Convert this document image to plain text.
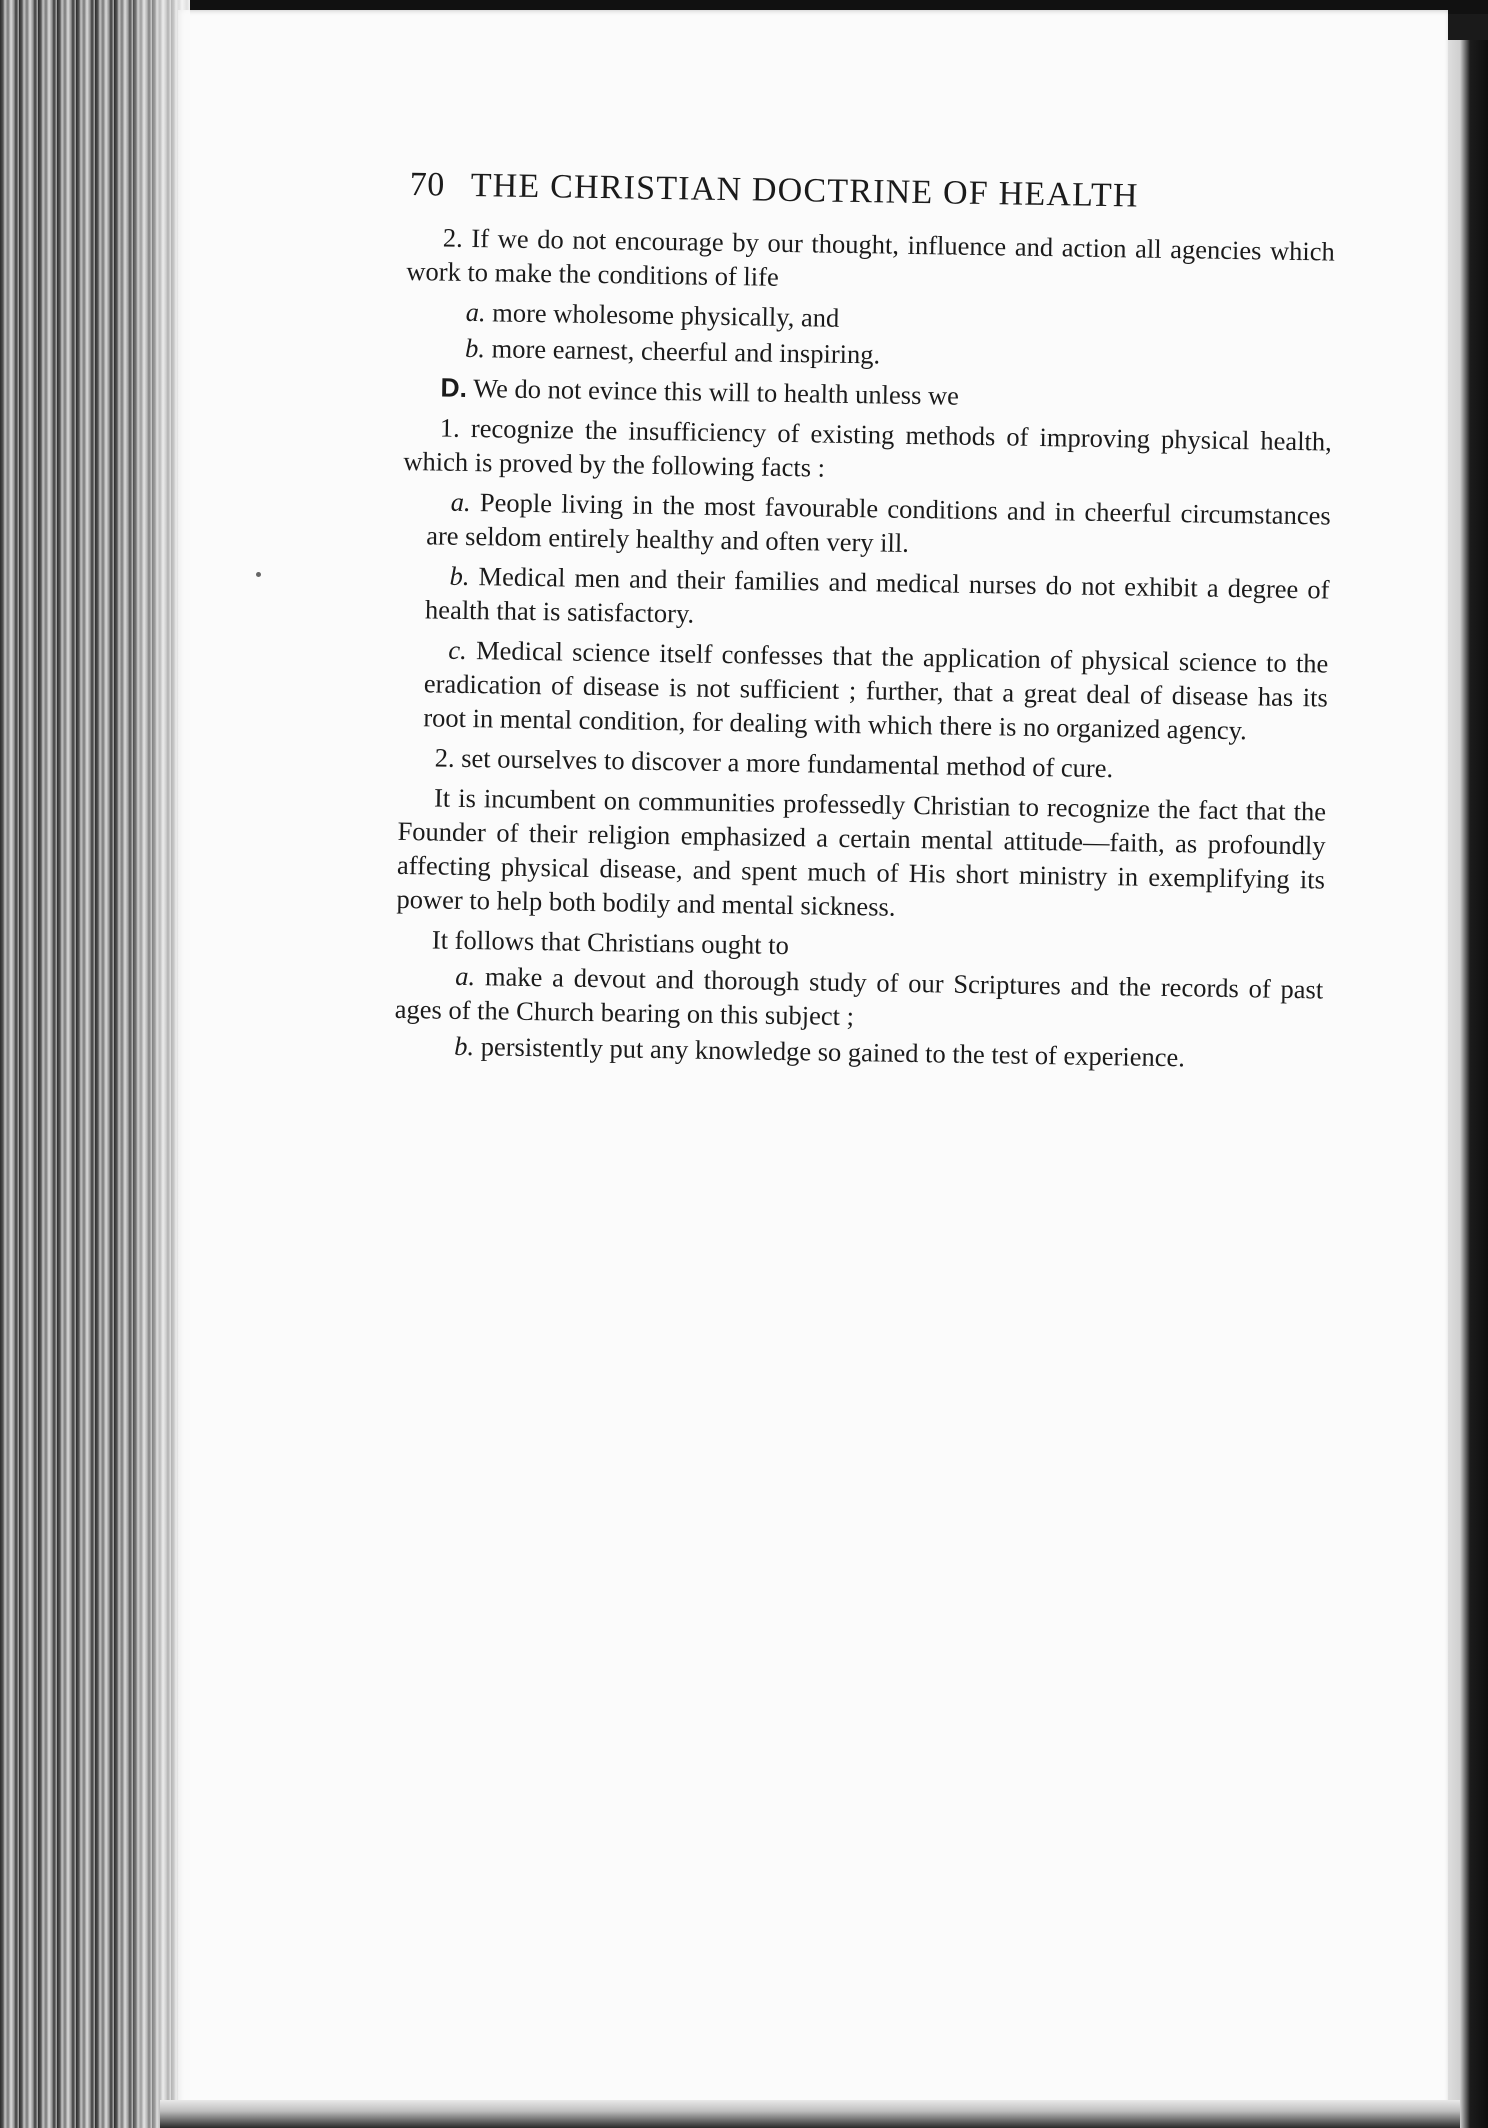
70 THE CHRISTIAN DOCTRINE OF HEALTH

2. If we do not encourage by our thought, influence and action all agencies which work to make the conditions of life

a. more wholesome physically, and

b. more earnest, cheerful and inspiring.

D. We do not evince this will to health unless we

1. recognize the insufficiency of existing methods of improving physical health, which is proved by the following facts :

a. People living in the most favourable conditions and in cheerful circumstances are seldom entirely healthy and often very ill.

b. Medical men and their families and medical nurses do not exhibit a degree of health that is satisfactory.

c. Medical science itself confesses that the application of physical science to the eradication of disease is not sufficient ; further, that a great deal of disease has its root in mental condition, for dealing with which there is no organized agency.

2. set ourselves to discover a more fundamental method of cure.

It is incumbent on communities professedly Christian to recognize the fact that the Founder of their religion emphasized a certain mental attitude—faith, as profoundly affecting physical disease, and spent much of His short ministry in exemplifying its power to help both bodily and mental sickness.

It follows that Christians ought to

a. make a devout and thorough study of our Scriptures and the records of past ages of the Church bearing on this subject ;

b. persistently put any knowledge so gained to the test of experience.
